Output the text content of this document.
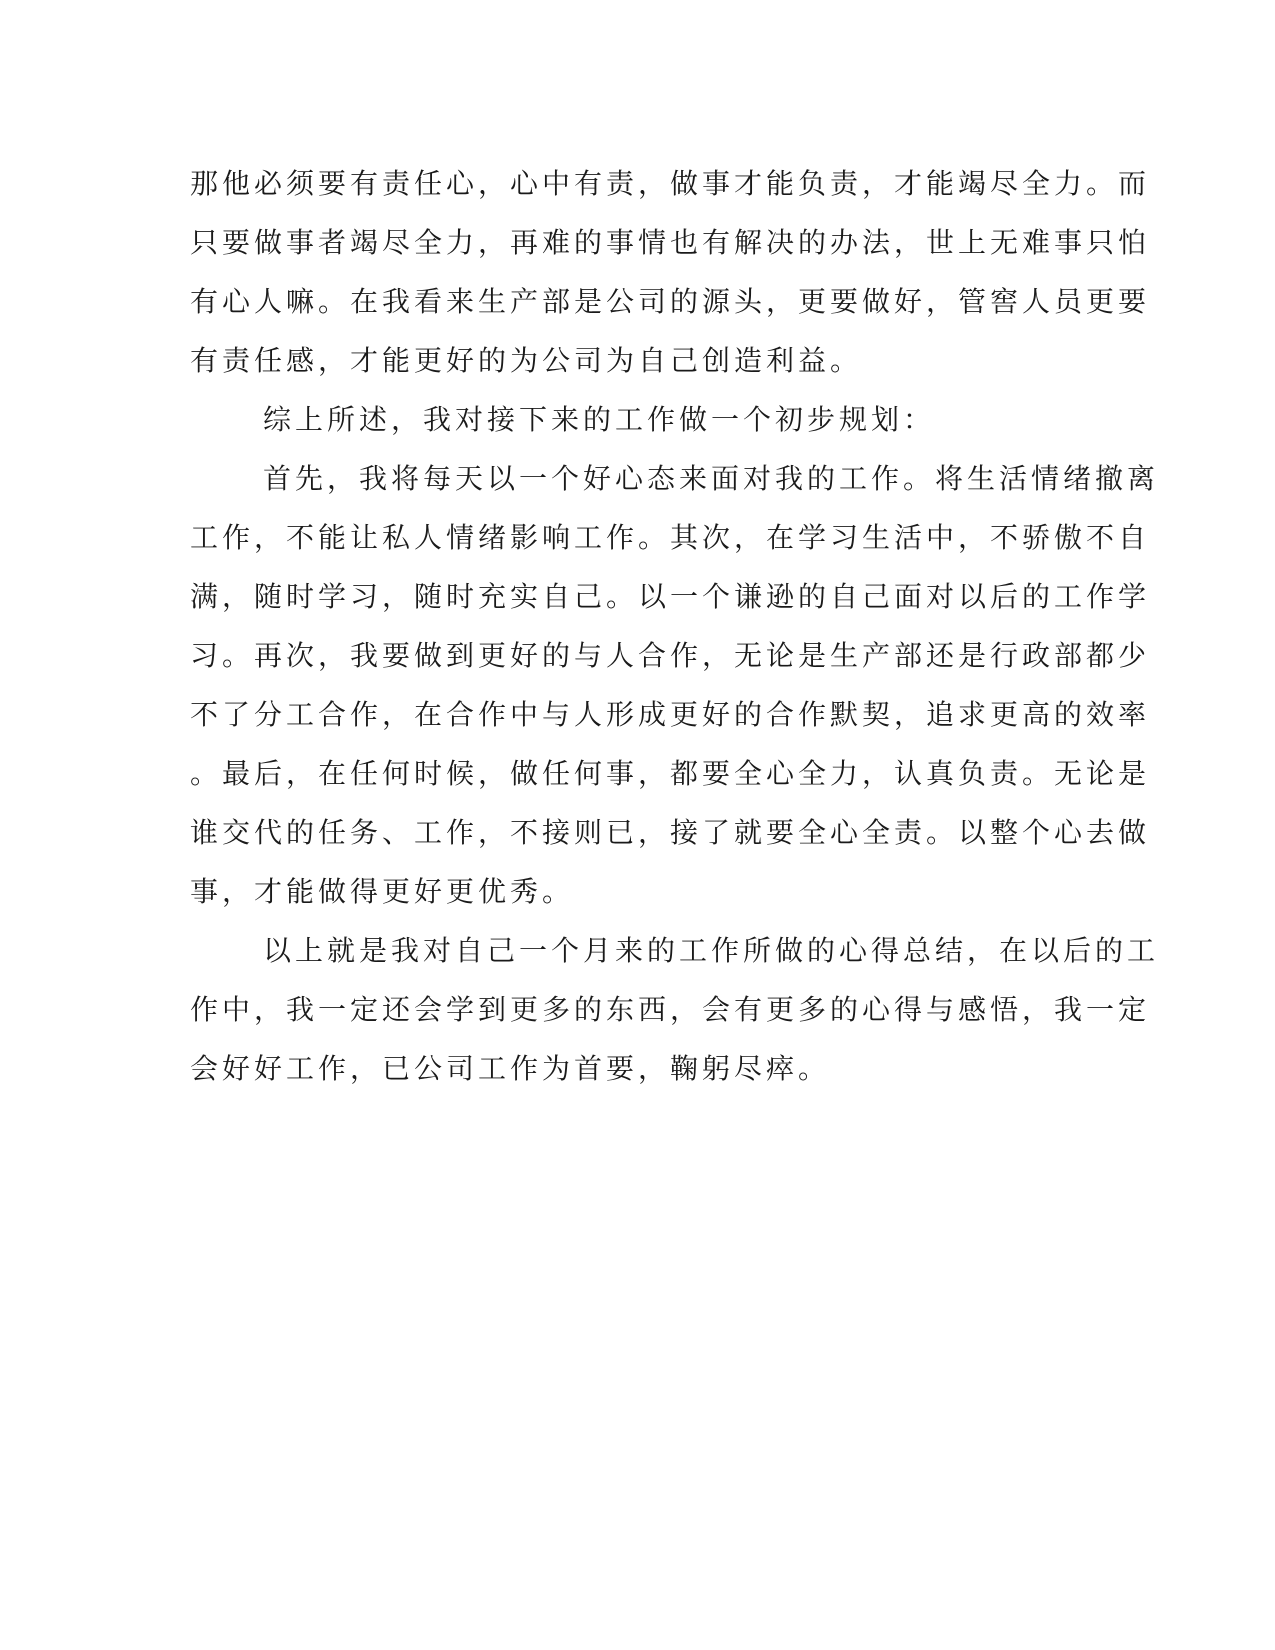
那他必须要有责任心，心中有责，做事才能负责，才能竭尽全力。而
只要做事者竭尽全力，再难的事情也有解决的办法，世上无难事只怕
有心人嘛。在我看来生产部是公司的源头，更要做好，管窖人员更要
有责任感，才能更好的为公司为自己创造利益。
综上所述，我对接下来的工作做一个初步规划：
首先，我将每天以一个好心态来面对我的工作。将生活情绪撤离
工作，不能让私人情绪影响工作。其次，在学习生活中，不骄傲不自
满，随时学习，随时充实自己。以一个谦逊的自己面对以后的工作学
习。再次，我要做到更好的与人合作，无论是生产部还是行政部都少
不了分工合作，在合作中与人形成更好的合作默契，追求更高的效率
。最后，在任何时候，做任何事，都要全心全力，认真负责。无论是
谁交代的任务、工作，不接则已，接了就要全心全责。以整个心去做
事，才能做得更好更优秀。
以上就是我对自己一个月来的工作所做的心得总结，在以后的工
作中，我一定还会学到更多的东西，会有更多的心得与感悟，我一定
会好好工作，已公司工作为首要，鞠躬尽瘁。
